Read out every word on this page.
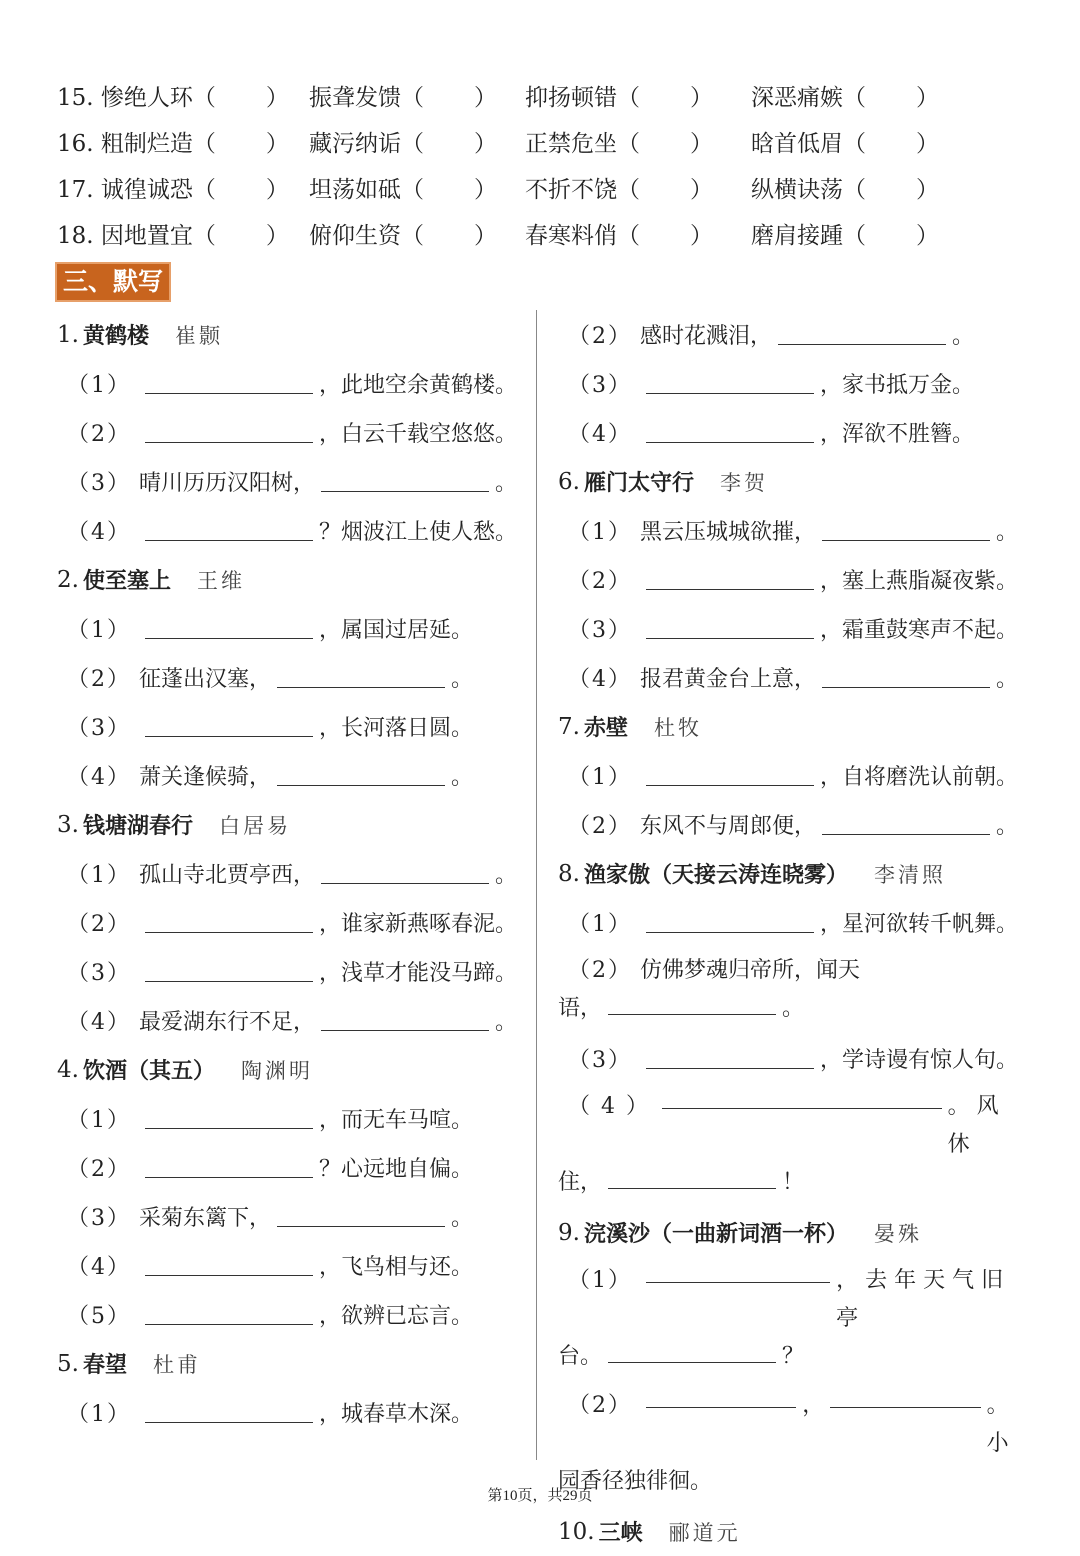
15. 惨绝人环（ ） 振聋发馈（ ）	抑扬顿错（ ）	深恶痛嫉（ ）
16. 粗制烂造（ ） 藏污纳诟（ ）	正禁危坐（ ）	晗首低眉（ ）
17. 诚徨诚恐（ ） 坦荡如砥（ ）	不折不饶（ ）	纵横诀荡（ ）
18. 因地置宜（ ） 俯仰生资（ ）	春寒料俏（ ）	磨肩接踵（ ）
三、默写
1. 黄鹤楼 崔颢
（1）	，此地空余黄鹤楼。
（2）	，白云千载空悠悠。
（3） 晴川历历汉阳树，	。
（4）	？烟波江上使人愁。
2. 使至塞上 王维
（1）	，属国过居延。
（2） 征蓬出汉塞，	。
（3）	，长河落日圆。
（4） 萧关逢候骑，	。
3. 钱塘湖春行 白居易
（1） 孤山寺北贾亭西，	。
（2）	，谁家新燕啄春泥。
（3）	，浅草才能没马蹄。
（4） 最爱湖东行不足，	。
4. 饮酒（其五） 陶渊明
（1）	，而无车马喧。
（2）	？心远地自偏。
（3） 采菊东篱下，	。
（4）	，飞鸟相与还。
（5）	，欲辨已忘言。
5. 春望 杜甫
（1）	，城春草木深。
（2） 感时花溅泪，	。
（3）	，家书抵万金。
（4）	，浑欲不胜簪。
6. 雁门太守行 李贺
（1） 黑云压城城欲摧，	。
（2）	，塞上燕脂凝夜紫。
（3）	，霜重鼓寒声不起。
（4） 报君黄金台上意，	。
7. 赤壁 杜牧
（1）	，自将磨洗认前朝。
（2） 东风不与周郎便，	。
8. 渔家傲（天接云涛连晓雾） 李清照
（1）	，星河欲转千帆舞。
（2） 仿佛梦魂归帝所，闻天
语，	。
（3）	，学诗谩有惊人句。
（ 4 ）	。 风 休
住，	！
9. 浣溪沙（一曲新词酒一杯） 晏殊
（1）	， 去 年 天 气 旧 亭
台。	？
（2）	，	。小
园香径独徘徊。
10. 三峡 郦道元
第10页，共29页
